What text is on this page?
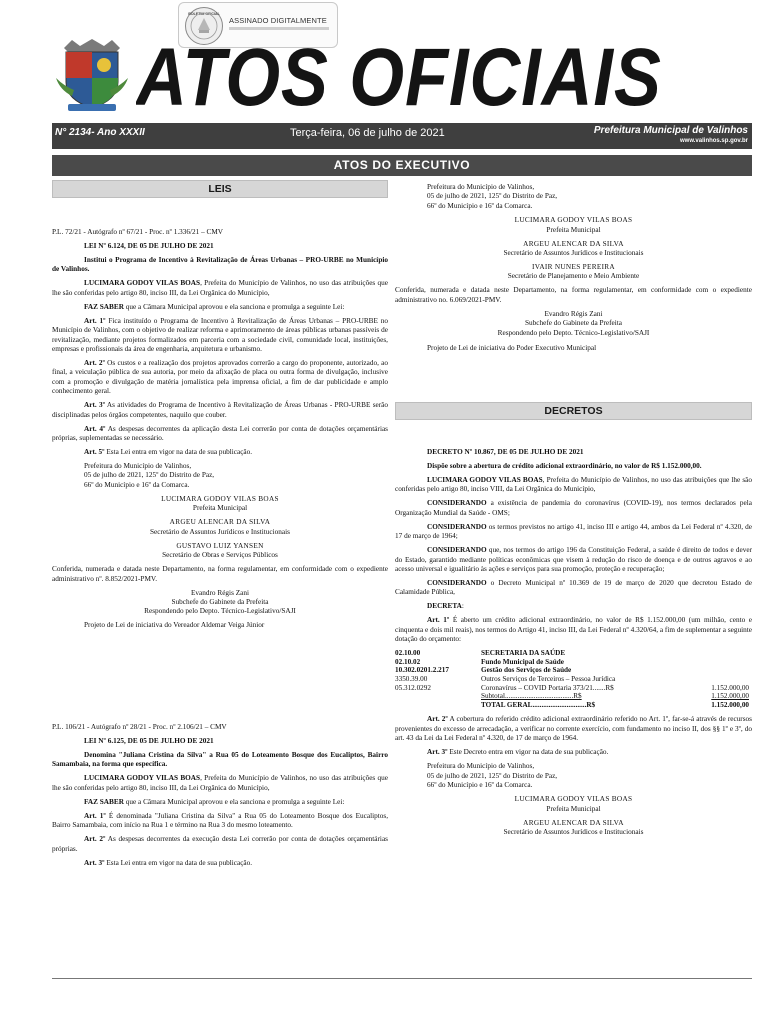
BOLETIM OFICIAL
ASSINADO DIGITALMENTE
ATOS OFICIAIS
N° 2134- Ano XXXII	Terça-feira, 06 de julho de 2021	Prefeitura Municipal de Valinhos
www.valinhos.sp.gov.br
ATOS DO EXECUTIVO
LEIS

P.L. 72/21 - Autógrafo nº 67/21 - Proc. nº 1.336/21 – CMV

LEI Nº 6.124, DE 05 DE JULHO DE 2021

Institui o Programa de Incentivo à Revitalização de Áreas Urbanas – PRO-URBE no Município de Valinhos.

LUCIMARA GODOY VILAS BOAS, Prefeita do Município de Valinhos, no uso das atribuições que lhe são conferidas pelo artigo 80, inciso III, da Lei Orgânica do Município,

FAZ SABER que a Câmara Municipal aprovou e ela sanciona e promulga a seguinte Lei:

Art. 1º Fica instituído o Programa de Incentivo à Revitalização de Áreas Urbanas – PRO-URBE no Município de Valinhos, com o objetivo de realizar reforma e aprimoramento de áreas públicas urbanas passíveis de revitalização, mediante projetos formalizados em parceria com a sociedade civil, comunidade local, instituições, empresas e profissionais da área de engenharia, arquitetura e urbanismo.

Art. 2º Os custos e a realização dos projetos aprovados correrão a cargo do proponente, autorizado, ao final, a veiculação pública de sua autoria, por meio da afixação de placa ou outra forma de divulgação, inclusive com a promoção e divulgação de matéria jornalística pela imprensa oficial, a fim de dar publicidade e amplo conhecimento geral.

Art. 3º As atividades do Programa de Incentivo à Revitalização de Áreas Urbanas - PRO-URBE serão disciplinadas pelos órgãos competentes, naquilo que couber.

Art. 4º As despesas decorrentes da aplicação desta Lei correrão por conta de dotações orçamentárias próprias, suplementadas se necessário.

Art. 5º Esta Lei entra em vigor na data de sua publicação.

Prefeitura do Município de Valinhos,
05 de julho de 2021, 125º do Distrito de Paz,
66º do Município e 16º da Comarca.
LUCIMARA GODOY VILAS BOAS
Prefeita Municipal
ARGEU ALENCAR DA SILVA
Secretário de Assuntos Jurídicos e Institucionais
GUSTAVO LUIZ YANSEN
Secretário de Obras e Serviços Públicos

Conferida, numerada e datada neste Departamento, na forma regulamentar, em conformidade com o expediente administrativo nº. 8.852/2021-PMV.

Evandro Régis Zani
Subchefe do Gabinete da Prefeita
Respondendo pelo Depto. Técnico-Legislativo/SAJI

Projeto de Lei de iniciativa do Vereador Aldemar Veiga Júnior

P.L. 106/21 - Autógrafo nº 28/21 - Proc. nº 2.106/21 – CMV

LEI Nº 6.125, DE 05 DE JULHO DE 2021

Denomina "Juliana Cristina da Silva" a Rua 05 do Loteamento Bosque dos Eucaliptos, Bairro Samambaia, na forma que específica.

LUCIMARA GODOY VILAS BOAS, Prefeita do Município de Valinhos, no uso das atribuições que lhe são conferidas pelo artigo 80, inciso III, da Lei Orgânica do Município,

FAZ SABER que a Câmara Municipal aprovou e ela sanciona e promulga a seguinte Lei:

Art. 1º É denominada "Juliana Cristina da Silva" a Rua 05 do Loteamento Bosque dos Eucaliptos, Bairro Samambaia, com início na Rua 1 e término na Rua 3 do mesmo loteamento.

Art. 2º As despesas decorrentes da execução desta Lei correrão por conta de dotações orçamentárias próprias.

Art. 3º Esta Lei entra em vigor na data de sua publicação.

Prefeitura do Município de Valinhos,
05 de julho de 2021, 125º do Distrito de Paz,
66º do Município e 16º da Comarca.
LUCIMARA GODOY VILAS BOAS
Prefeita Municipal
ARGEU ALENCAR DA SILVA
Secretário de Assuntos Jurídicos e Institucionais
IVAIR NUNES PEREIRA
Secretário de Planejamento e Meio Ambiente

Conferida, numerada e datada neste Departamento, na forma regulamentar, em conformidade com o expediente administrativo no. 6.069/2021-PMV.

Evandro Régis Zani
Subchefe do Gabinete da Prefeita
Respondendo pelo Depto. Técnico-Legislativo/SAJI

Projeto de Lei de iniciativa do Poder Executivo Municipal

DECRETOS

DECRETO Nº 10.867, DE 05 DE JULHO DE 2021

Dispõe sobre a abertura de crédito adicional extraordinário, no valor de R$ 1.152.000,00.

LUCIMARA GODOY VILAS BOAS, Prefeita do Município de Valinhos, no uso das atribuições que lhe são conferidas pelo artigo 80, inciso VIII, da Lei Orgânica do Município,

CONSIDERANDO a existência de pandemia do coronavírus (COVID-19), nos termos declarados pela Organização Mundial da Saúde - OMS;

CONSIDERANDO os termos previstos no artigo 41, inciso III e artigo 44, ambos da Lei Federal nº 4.320, de 17 de março de 1964;

CONSIDERANDO que, nos termos do artigo 196 da Constituição Federal, a saúde é direito de todos e dever do Estado, garantido mediante políticas econômicas que visem à redução do risco de doença e de outros agravos e ao acesso universal e igualitário às ações e serviços para sua promoção, proteção e recuperação;

CONSIDERANDO o Decreto Municipal nº 10.369 de 19 de março de 2020 que decretou Estado de Calamidade Pública,

DECRETA:

Art. 1º É aberto um crédito adicional extraordinário, no valor de R$ 1.152.000,00 (um milhão, cento e cinquenta e dois mil reais), nos termos do Artigo 41, inciso III, da Lei Federal nº 4.320/64, a fim de suplementar a seguinte dotação do orçamento:

02.10.00	SECRETARIA DA SAÚDE	
02.10.02	Fundo Municipal de Saúde	
10.302.0201.2.217	Gestão dos Serviços de Saúde	
3350.39.00	Outros Serviços de Terceiros – Pessoa Jurídica	
05.312.0292	Coronavírus – COVID Portaria 373/21.......R$	1.152.000,00
	Subtotal......................................R$	1.152.000,00
	TOTAL GERAL..............................R$	1.152.000,00

Art. 2º A cobertura do referido crédito adicional extraordinário referido no Art. 1º, far-se-á através de recursos provenientes do excesso de arrecadação, a verificar no corrente exercício, com fundamento no inciso II, dos §§ 1º e 3º, do art. 43 da Lei da Lei Federal nº 4.320, de 17 de março de 1964.

Art. 3º Este Decreto entra em vigor na data de sua publicação.

Prefeitura do Município de Valinhos,
05 de julho de 2021, 125º do Distrito de Paz,
66º do Município e 16º da Comarca.
LUCIMARA GODOY VILAS BOAS
Prefeita Municipal
ARGEU ALENCAR DA SILVA
Secretário de Assuntos Jurídicos e Institucionais
